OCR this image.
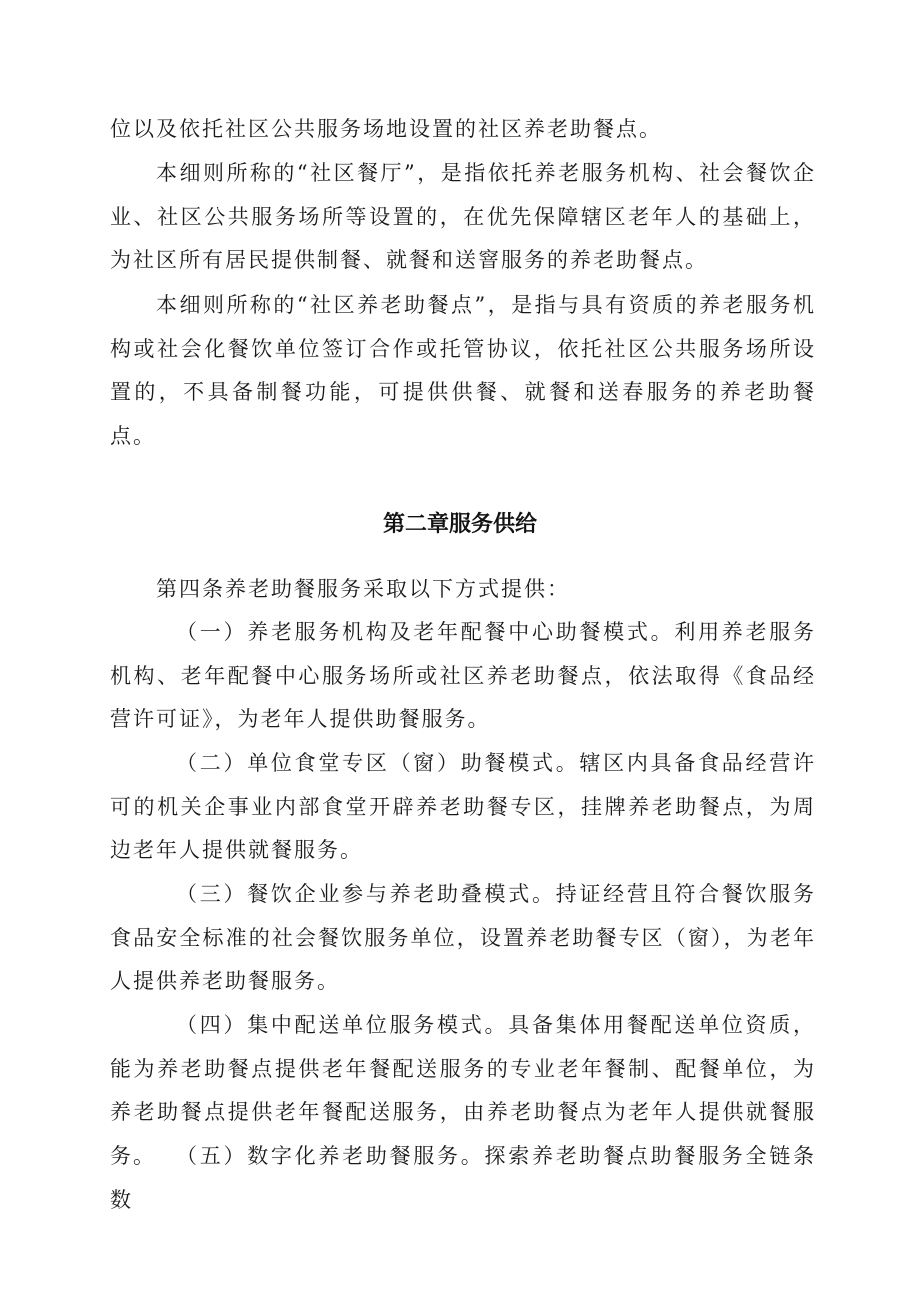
位以及依托社区公共服务场地设置的社区养老助餐点。

本细则所称的“社区餐厅”，是指依托养老服务机构、社会餐饮企业、社区公共服务场所等设置的，在优先保障辖区老年人的基础上，为社区所有居民提供制餐、就餐和送窨服务的养老助餐点。

本细则所称的“社区养老助餐点”，是指与具有资质的养老服务机构或社会化餐饮单位签订合作或托管协议，依托社区公共服务场所设置的，不具备制餐功能，可提供供餐、就餐和送春服务的养老助餐点。

第二章服务供给

第四条养老助餐服务采取以下方式提供：

（一）养老服务机构及老年配餐中心助餐模式。利用养老服务机构、老年配餐中心服务场所或社区养老助餐点，依法取得《食品经营许可证》，为老年人提供助餐服务。

（二）单位食堂专区（窗）助餐模式。辖区内具备食品经营许可的机关企事业内部食堂开辟养老助餐专区，挂牌养老助餐点，为周边老年人提供就餐服务。

（三）餐饮企业参与养老助叠模式。持证经营且符合餐饮服务食品安全标准的社会餐饮服务单位，设置养老助餐专区（窗），为老年人提供养老助餐服务。

（四）集中配送单位服务模式。具备集体用餐配送单位资质，能为养老助餐点提供老年餐配送服务的专业老年餐制、配餐单位，为养老助餐点提供老年餐配送服务，由养老助餐点为老年人提供就餐服务。 （五）数字化养老助餐服务。探索养老助餐点助餐服务全链条数
